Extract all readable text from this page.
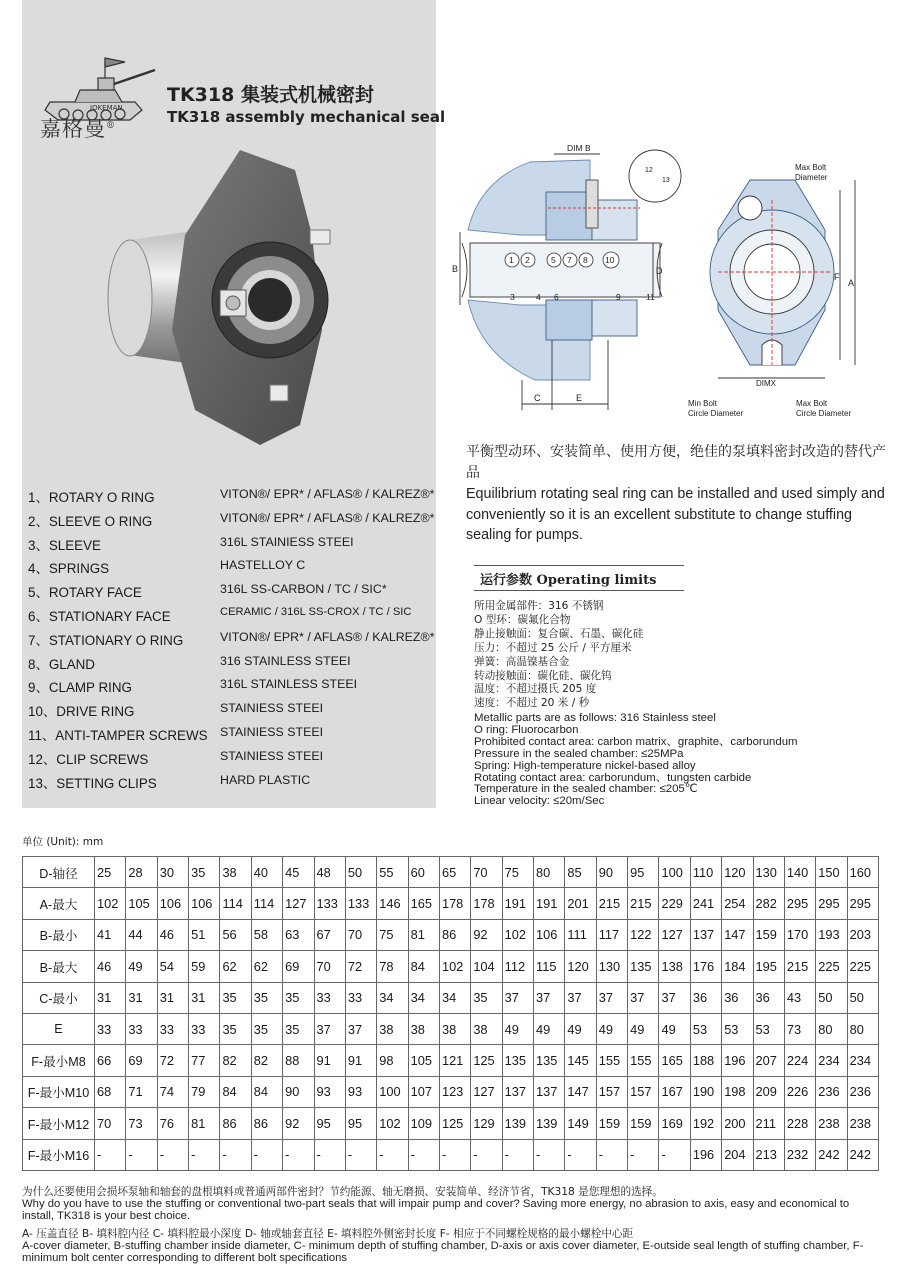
JOKEMAN
嘉格曼®
TK318 集装式机械密封
TK318 assembly mechanical seal
1、ROTARY O RING	VITON®/ EPR* / AFLAS® / KALREZ®*
2、SLEEVE O RING	VITON®/ EPR* / AFLAS® / KALREZ®*
3、SLEEVE	316L STAINIESS STEEI
4、SPRINGS	HASTELLOY C
5、ROTARY FACE	316L SS-CARBON / TC / SIC*
6、STATIONARY FACE	CERAMIC / 316L SS-CROX / TC / SIC
7、STATIONARY O RING	VITON®/ EPR* / AFLAS® / KALREZ®*
8、GLAND	316 STAINLESS STEEI
9、CLAMP RING	316L STAINLESS STEEI
10、DRIVE RING	STAINIESS STEEI
11、ANTI-TAMPER SCREWS STAINIESS STEEI
12、CLIP SCREWS	STAINIESS STEEI
13、SETTING CLIPS	HARD PLASTIC
DIM B
B	D
C	E
1 2	5 7 8 10
3	4 6	9	11
12
13
Max Bolt
Diameter
F
A
DIMX
Min Bolt
Circle Diameter
Max Bolt
Circle Diameter
平衡型动环、安装简单、使用方便，绝佳的泵填料密封改造的替代产品
Equilibrium rotating seal ring can be installed and used simply and conveniently so it is an excellent substitute to change stuffing sealing for pumps.
运行参数 Operating limits
所用金属部件：316 不锈钢
O 型环：碳氟化合物
静止接触面：复合碳、石墨、碳化硅
压力：不超过 25 公斤 / 平方厘米
弹簧：高温镍基合金
转动接触面：碳化硅、碳化钨
温度：不超过摄氏 205 度
速度：不超过 20 米 / 秒
Metallic parts are as follows: 316 Stainless steel
O ring: Fluorocarbon
Prohibited contact area: carbon matrix、graphite、carborundum
Pressure in the sealed chamber: ≤25MPa
Spring: High-temperature nickel-based alloy
Rotating contact area: carborundum、tungsten carbide
Temperature in the sealed chamber: ≤205℃
Linear velocity: ≤20m/Sec
单位 (Unit): mm
D-轴径	25	28	30	35	38	40	45	48	50	55	60	65	70	75	80	85	90	95	100	110	120	130	140	150	160
A-最大	102	105	106	106	114	114	127	133	133	146	165	178	178	191	191	201	215	215	229	241	254	282	295	295	295
B-最小	41	44	46	51	56	58	63	67	70	75	81	86	92	102	106	111	117	122	127	137	147	159	170	193	203
B-最大	46	49	54	59	62	62	69	70	72	78	84	102	104	112	115	120	130	135	138	176	184	195	215	225	225
C-最小	31	31	31	31	35	35	35	33	33	34	34	34	35	37	37	37	37	37	37	36	36	36	43	50	50
E	33	33	33	33	35	35	35	37	37	38	38	38	38	49	49	49	49	49	49	53	53	53	73	80	80
F-最小M8	66	69	72	77	82	82	88	91	91	98	105	121	125	135	135	145	155	155	165	188	196	207	224	234	234
F-最小M10	68	71	74	79	84	84	90	93	93	100	107	123	127	137	137	147	157	157	167	190	198	209	226	236	236
F-最小M12	70	73	76	81	86	86	92	95	95	102	109	125	129	139	139	149	159	159	169	192	200	211	228	238	238
F-最小M16	-	-	-	-	-	-	-	-	-	-	-	-	-	-	-	-	-	-	-	196	204	213	232	242	242
为什么还要使用会损坏泵轴和轴套的盘根填料或普通两部件密封？节约能源、轴无磨损、安装简单、经济节省，TK318 是您理想的选择。
Why do you have to use the stuffing or conventional two-part seals that will impair pump and cover? Saving more energy, no abrasion to axis, easy and economical to install, TK318 is your best choice.
A- 压盖直径 B- 填料腔内径 C- 填料腔最小深度 D- 轴或轴套直径 E- 填料腔外侧密封长度 F- 相应于不同螺栓规格的最小螺栓中心距
A-cover diameter, B-stuffing chamber inside diameter, C- minimum depth of stuffing chamber, D-axis or axis cover diameter, E-outside seal length of stuffing chamber, F-minimum bolt center corresponding to different bolt specifications
